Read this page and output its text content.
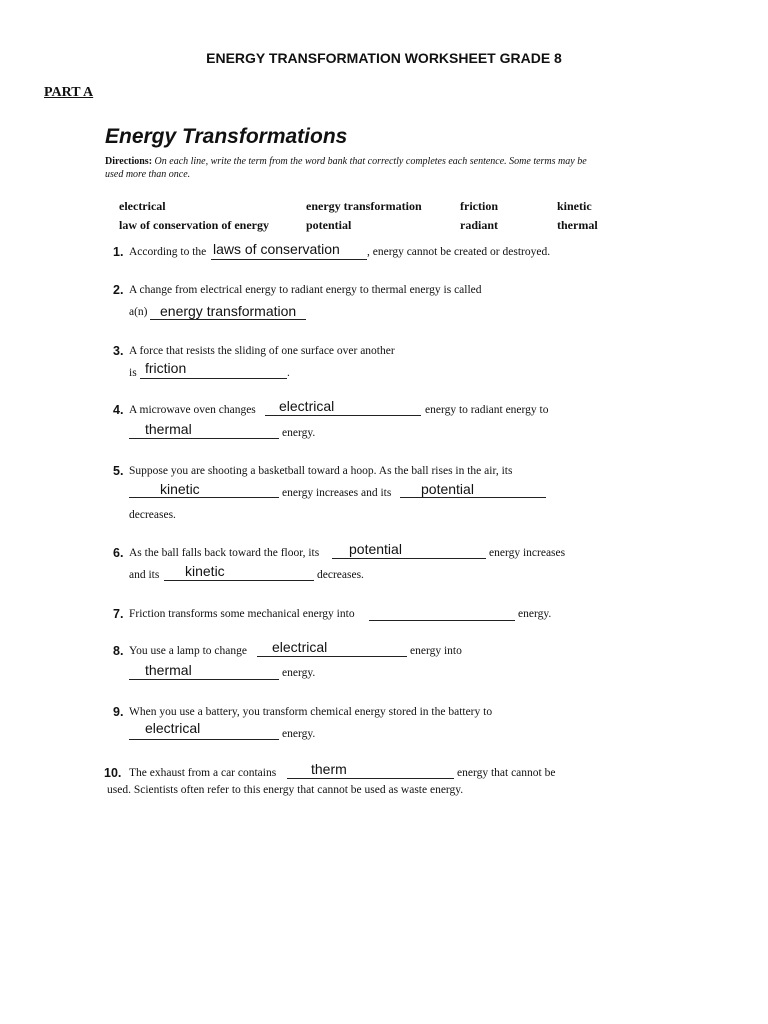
ENERGY TRANSFORMATION WORKSHEET GRADE 8
PART A
Energy Transformations
Directions: On each line, write the term from the word bank that correctly completes each sentence. Some terms may be used more than once.
electrical	energy transformation	friction	kinetic
law of conservation of energy	potential	radiant	thermal
1. According to the laws of conservation , energy cannot be created or destroyed.
2. A change from electrical energy to radiant energy to thermal energy is called
a(n) energy transformation
3. A force that resists the sliding of one surface over another
is friction	.
4. A microwave oven changes electrical	energy to radiant energy to
thermal	energy.
5. Suppose you are shooting a basketball toward a hoop. As the ball rises in the air, its
kinetic	energy increases and its potential
decreases.
6. As the ball falls back toward the floor, its potential	energy increases
and its kinetic	decreases.
7. Friction transforms some mechanical energy into	energy.
8. You use a lamp to change electrical	energy into
thermal	energy.
9. When you use a battery, you transform chemical energy stored in the battery to
electrical	energy.
10. The exhaust from a car contains therm	energy that cannot be
used. Scientists often refer to this energy that cannot be used as waste energy.
